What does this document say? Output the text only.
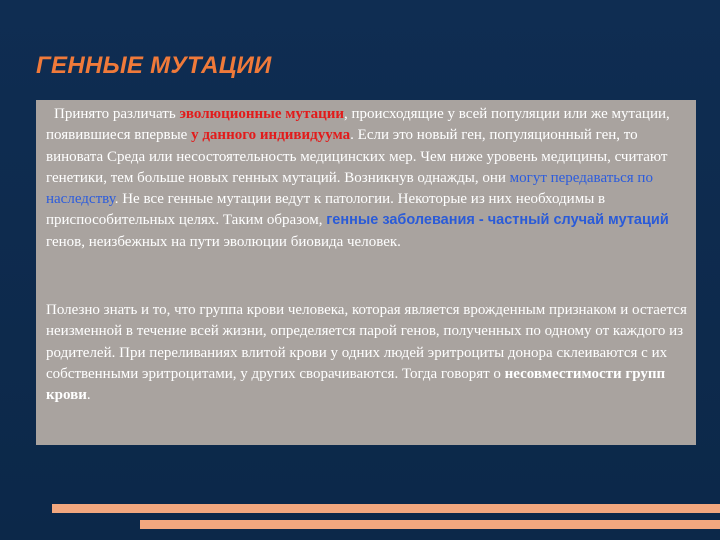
ГЕННЫЕ МУТАЦИИ
Принято различать эволюционные мутации, происходящие у всей популяции или же мутации, появившиеся впервые у данного индивидуума. Если это новый ген, популяционный ген, то виновата Среда или несостоятельность медицинских мер. Чем ниже уровень медицины, считают генетики, тем больше новых генных мутаций. Возникнув однажды, они могут передаваться по наследству. Не все генные мутации ведут к патологии. Некоторые из них необходимы в приспособительных целях. Таким образом, генные заболевания - частный случай мутаций генов, неизбежных на пути эволюции биовида человек.
Полезно знать и то, что группа крови человека, которая является врожденным признаком и остается неизменной в течение всей жизни, определяется парой генов, полученных по одному от каждого из родителей. При переливаниях влитой крови у одних людей эритроциты донора склеиваются с их собственными эритроцитами, у других сворачиваются. Тогда говорят о несовместимости групп крови.
